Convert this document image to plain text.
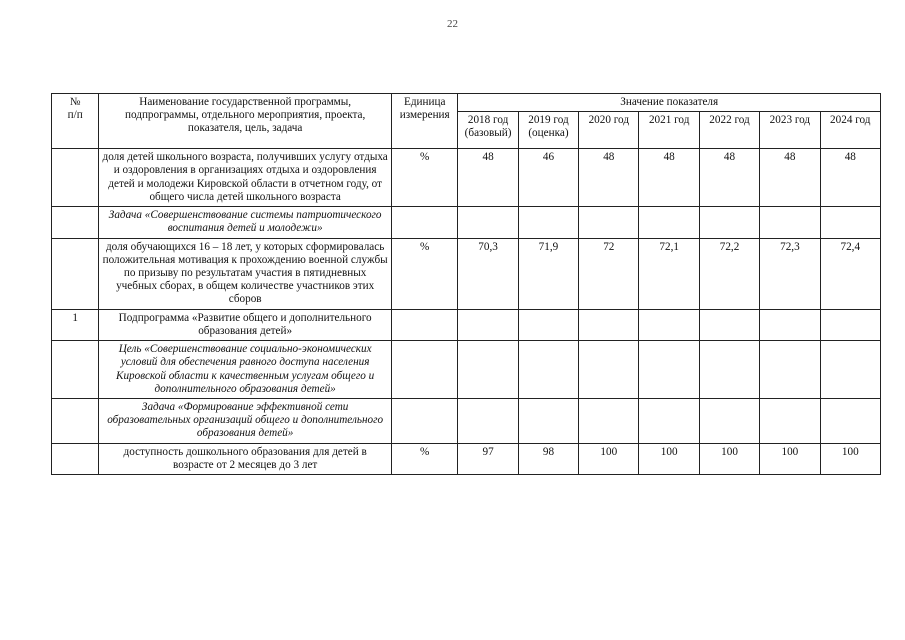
22
№
п/п	Наименование государственной программы, подпрограммы, отдельного мероприятия, проекта, показателя, цель, задача	Единица измерения	Значение показателя						
			2018 год (базовый)	2019 год (оценка)	2020 год	2021 год	2022 год	2023 год	2024 год
	доля детей школьного возраста, получивших услугу отдыха и оздоровления в организациях отдыха и оздоровления детей и молодежи Кировской области в отчетном году, от общего числа детей школьного возраста	%	48	46	48	48	48	48	48
	Задача «Совершенствование системы патриотического воспитания детей и молодежи»								
	доля обучающихся 16 – 18 лет, у которых сформировалась положительная мотивация к прохождению военной службы по призыву по результатам участия в пятидневных учебных сборах, в общем количестве участников этих сборов	%	70,3	71,9	72	72,1	72,2	72,3	72,4
1	Подпрограмма «Развитие общего и дополнительного образования детей»								
	Цель «Совершенствование социально-экономических условий для обеспечения равного доступа населения Кировской области к качественным услугам общего и дополнительного образования детей»								
	Задача «Формирование эффективной сети образовательных организаций общего и дополнительного образования детей»								
	доступность дошкольного образования для детей в возрасте от 2 месяцев до 3 лет	%	97	98	100	100	100	100	100
